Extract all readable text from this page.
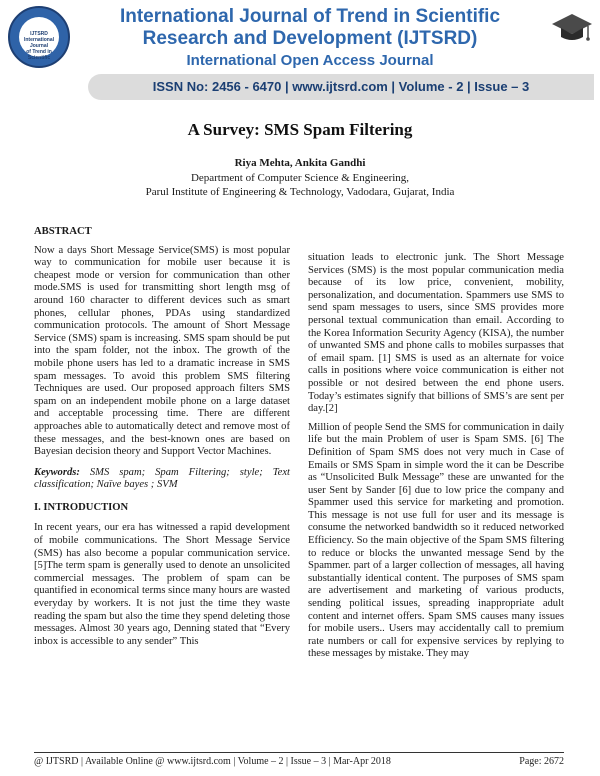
IJTSRD
International Journal
of Trend in Scientific
International Journal of Trend in Scientific
Research and Development (IJTSRD)
International Open Access Journal
ISSN No: 2456 - 6470 | www.ijtsrd.com | Volume - 2 | Issue – 3
A Survey: SMS Spam Filtering
Riya Mehta, Ankita Gandhi
Department of Computer Science & Engineering,
Parul Institute of Engineering & Technology, Vadodara, Gujarat, India

ABSTRACT

Now a days Short Message Service(SMS) is most popular way to communication for mobile user because it is cheapest mode or version for communication than other mode.SMS is used for transmitting short length msg of around 160 character to different devices such as smart phones, cellular phones, PDAs using standardized communication protocols. The amount of Short Message Service (SMS) spam is increasing. SMS spam should be put into the spam folder, not the inbox. The growth of the mobile phone users has led to a dramatic increase in SMS spam messages. To avoid this problem SMS filtering Techniques are used. Our proposed approach filters SMS spam on an independent mobile phone on a large dataset and acceptable processing time. There are different approaches able to automatically detect and remove most of these messages, and the best-known ones are based on Bayesian decision theory and Support Vector Machines.

Keywords: SMS spam; Spam Filtering; style; Text classification; Naïve bayes ; SVM

I. INTRODUCTION

In recent years, our era has witnessed a rapid development of mobile communications. The Short Message Service (SMS) has also become a popular communication service.[5]The term spam is generally used to denote an unsolicited commercial messages. The problem of spam can be quantified in economical terms since many hours are wasted everyday by workers. It is not just the time they waste reading the spam but also the time they spend deleting those messages. Almost 30 years ago, Denning stated that “Every inbox is accessible to any sender” This

situation leads to electronic junk. The Short Message Services (SMS) is the most popular communication media because of its low price, convenient, mobility, personalization, and documentation. Spammers use SMS to send spam messages to users, since SMS provides more personal textual communication than email. According to the Korea Information Security Agency (KISA), the number of unwanted SMS and phone calls to mobiles surpasses that of email spam. [1] SMS is used as an alternate for voice calls in positions where voice communication is either not possible or not desired between the end phone users. Today’s estimates signify that billions of SMS’s are sent per day.[2]

Million of people Send the SMS for communication in daily life but the main Problem of user is Spam SMS. [6] The Definition of Spam SMS does not very much in Case of Emails or SMS Spam in simple word the it can be Describe as “Unsolicited Bulk Message” these are unwanted for the user Sent by Sander [6] due to low price the company and Spammer used this service for marketing and promotion. This message is not use full for user and its message is consume the networked bandwidth so it reduced networked Efficiency. So the main objective of the Spam SMS filtering to reduce or blocks the unwanted message Send by the Spammer. part of a larger collection of messages, all having substantially identical content. The purposes of SMS spam are advertisement and marketing of various products, sending political issues, spreading inappropriate adult content and internet offers. Spam SMS causes many issues for mobile users.. Users may accidentally call to premium rate numbers or call for expensive services by replying to these messages by mistake. They may

@ IJTSRD | Available Online @ www.ijtsrd.com | Volume – 2 | Issue – 3 | Mar-Apr 2018	Page: 2672
